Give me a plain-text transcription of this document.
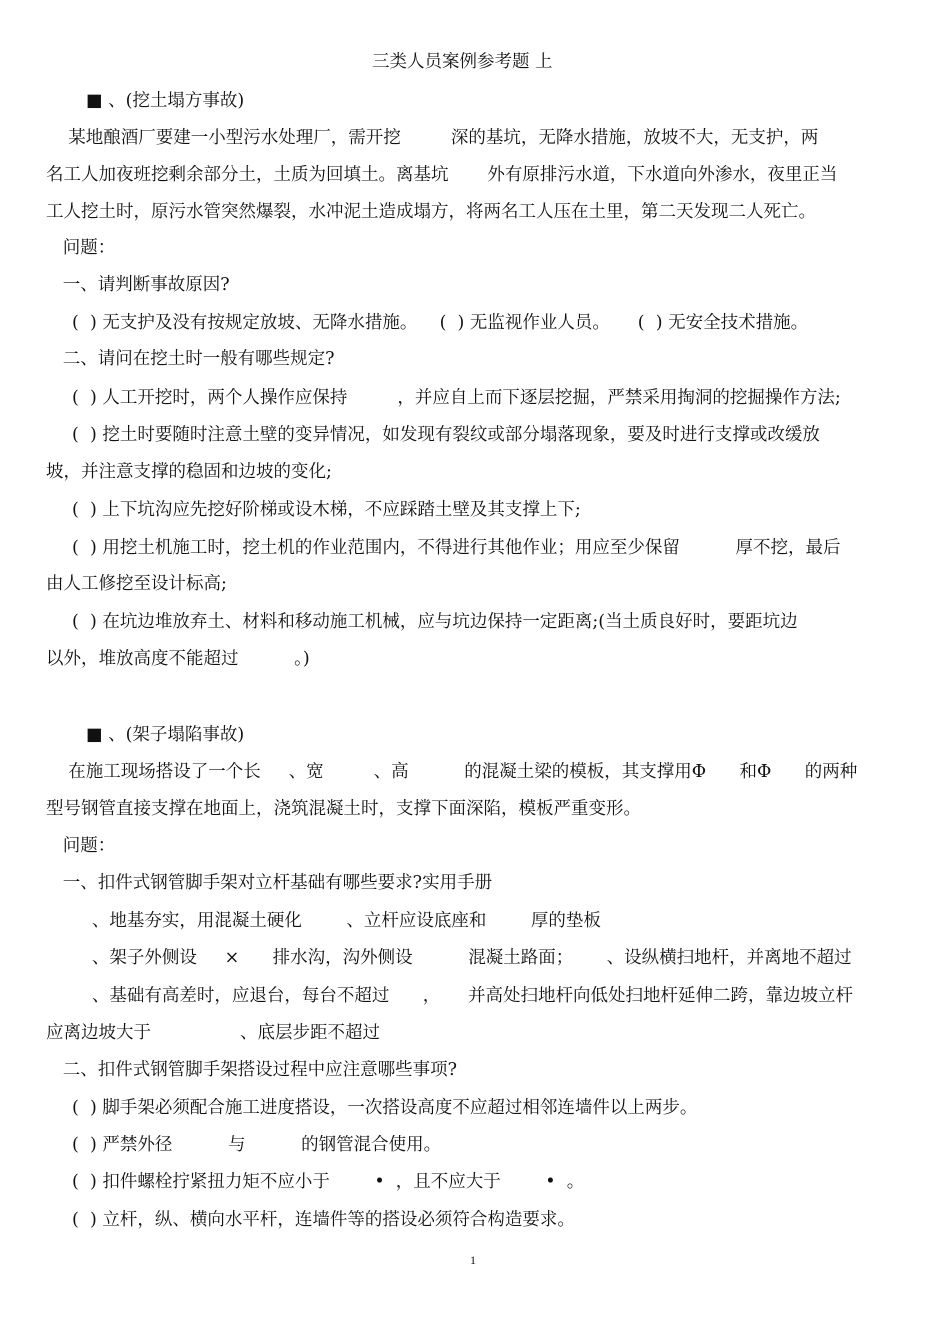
三类人员案例参考题 上
■ 、(挖土塌方事故)
某地酿酒厂要建一小型污水处理厂，需开挖         深的基坑，无降水措施，放坡不大，无支护，两
名工人加夜班挖剩余部分土，土质为回填土。离基坑       外有原排污水道，下水道向外渗水，夜里正当
工人挖土时，原污水管突然爆裂，水冲泥土造成塌方，将两名工人压在土里，第二天发现二人死亡。
问题：
一、请判断事故原因?
(  ) 无支护及没有按规定放坡、无降水措施。    (  ) 无监视作业人员。     (  ) 无安全技术措施。
二、请问在挖土时一般有哪些规定?
(  ) 人工开挖时，两个人操作应保持         ，并应自上而下逐层挖掘，严禁采用掏洞的挖掘操作方法;
(  ) 挖土时要随时注意土壁的变异情况，如发现有裂纹或部分塌落现象，要及时进行支撑或改缓放
坡，并注意支撑的稳固和边坡的变化;
(  ) 上下坑沟应先挖好阶梯或设木梯，不应踩踏土壁及其支撑上下;
(  ) 用挖土机施工时，挖土机的作业范围内，不得进行其他作业；用应至少保留          厚不挖，最后
由人工修挖至设计标高;
(  ) 在坑边堆放弃土、材料和移动施工机械，应与坑边保持一定距离;(当土质良好时，要距坑边
以外，堆放高度不能超过          。)
■ 、(架子塌陷事故)
在施工现场搭设了一个长     、宽         、高          的混凝土梁的模板，其支撑用Φ      和Φ      的两种
型号钢管直接支撑在地面上，浇筑混凝土时，支撑下面深陷，模板严重变形。
问题：
一、扣件式钢管脚手架对立杆基础有哪些要求?实用手册
、地基夯实，用混凝土硬化        、立杆应设底座和        厚的垫板
、架子外侧设     ×      排水沟，沟外侧设          混凝土路面；      、设纵横扫地杆，并离地不超过
、基础有高差时，应退台，每台不超过      ，     并高处扫地杆向低处扫地杆延伸二跨，靠边坡立杆
应离边坡大于                、底层步距不超过
二、扣件式钢管脚手架搭设过程中应注意哪些事项?
(  ) 脚手架必须配合施工进度搭设，一次搭设高度不应超过相邻连墙件以上两步。
(  ) 严禁外径          与          的钢管混合使用。
(  ) 扣件螺栓拧紧扭力矩不应小于        •  ，且不应大于        •  。
(  ) 立杆，纵、横向水平杆，连墙件等的搭设必须符合构造要求。
1
